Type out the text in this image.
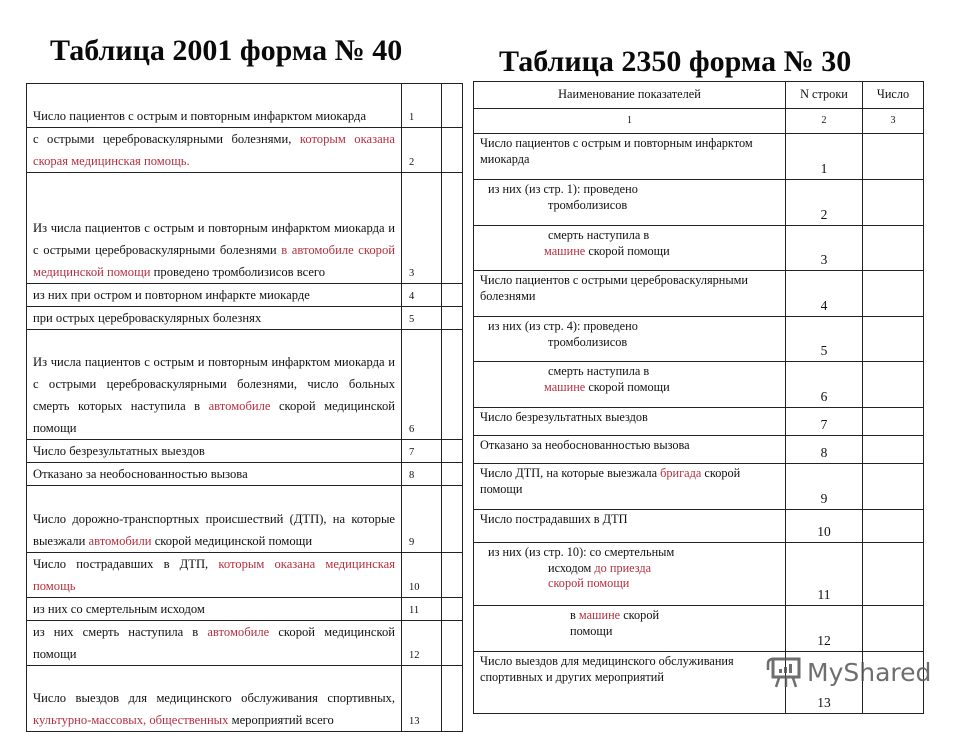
Таблица 2001 форма № 40	Таблица 2350 форма № 30
Число пациентов с острым и повторным инфарктом миокарда	1	
с острыми цереброваскулярными болезнями, которым оказана скорая медицинская помощь.	2	
Из числа пациентов с острым и повторным инфарктом миокарда и с острыми цереброваскулярными болезнями в автомобиле скорой медицинской помощи проведено тромболизисов всего	3	
из них при остром и повторном инфаркте миокарде	4	
при острых цереброваскулярных болезнях	5	
Из числа пациентов с острым и повторным инфарктом миокарда и с острыми цереброваскулярными болезнями, число больных смерть которых наступила в автомобиле скорой медицинской помощи	6	
Число безрезультатных выездов	7	
Отказано за необоснованностью вызова	8	
Число дорожно-транспортных происшествий (ДТП), на которые выезжали автомобили скорой медицинской помощи	9	
Число пострадавших в ДТП, которым оказана медицинская помощь	10	
из них со смертельным исходом	11	
из них смерть наступила в автомобиле скорой медицинской помощи	12	
Число выездов для медицинского обслуживания спортивных, культурно-массовых, общественных мероприятий всего	13	
Наименование показателей	N строки	Число
1	2	3
Число пациентов с острым и повторным инфарктом миокарда	1	

из них (из стр. 1): проведено
тромболизисов	2	

смерть наступила в
машине скорой помощи	3	
Число пациентов с острыми цереброваскулярными болезнями	4	

из них (из стр. 4): проведено
тромболизисов	5	

смерть наступила в
машине скорой помощи	6	
Число безрезультатных выездов	7	
Отказано за необоснованностью вызова	8	
Число ДТП, на которые выезжала бригада скорой помощи	9	
Число пострадавших в ДТП	10	

из них (из стр. 10): со смертельным
исходом до приезда скорой помощи	11	

в машине скорой помощи	12	
Число выездов для медицинского обслуживания спортивных и других мероприятий	13	
MyShared
